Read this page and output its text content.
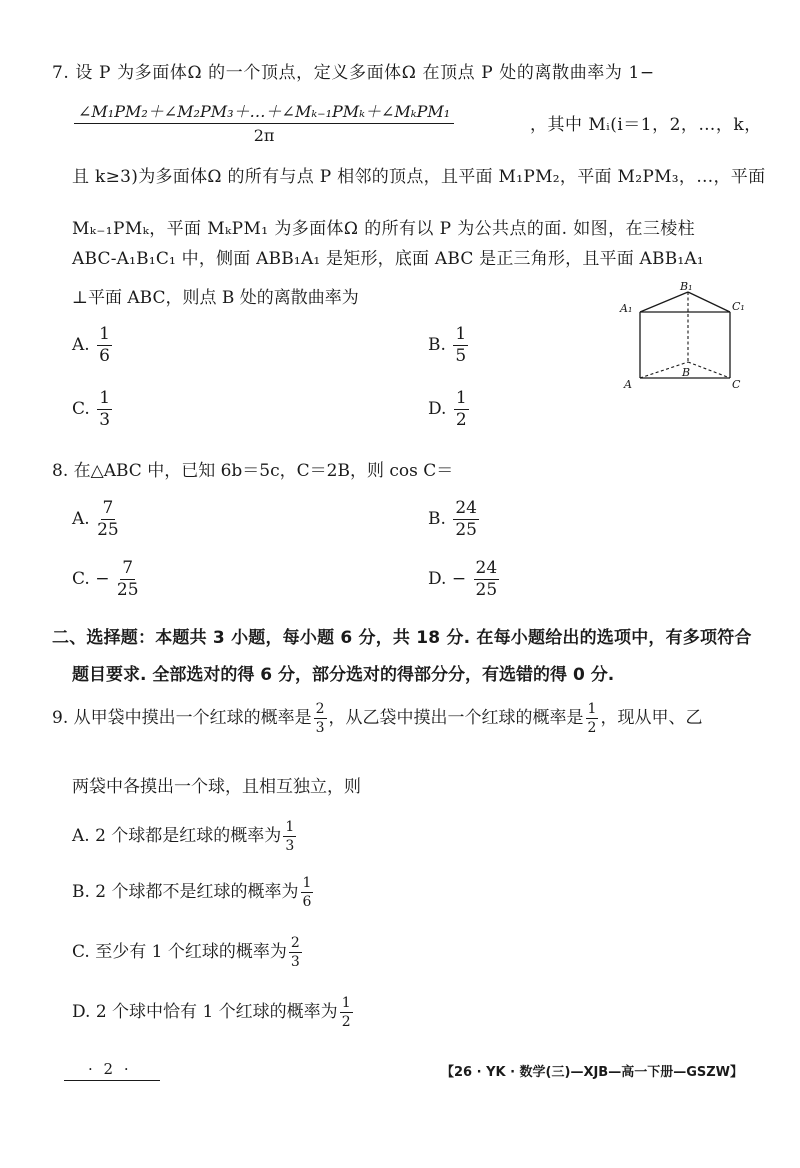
7. 设 P 为多面体Ω 的一个顶点，定义多面体Ω 在顶点 P 处的离散曲率为 1−
$\frac{\text{∠M₁PM₂＋∠M₂PM₃＋…＋∠Mₖ₋₁PMₖ＋∠MₖPM₁}}{2\pi}$	，其中 Mᵢ(i＝1，2，…，k，
且 k≥3)为多面体Ω 的所有与点 P 相邻的顶点，且平面 M₁PM₂，平面 M₂PM₃，…，平面
Mₖ₋₁PMₖ，平面 MₖPM₁ 为多面体Ω 的所有以 P 为公共点的面. 如图，在三棱柱
ABC-A₁B₁C₁ 中，侧面 ABB₁A₁ 是矩形，底面 ABC 是正三角形，且平面 ABB₁A₁
⊥平面 ABC，则点 B 处的离散曲率为
A. $\frac{1}{6}$	B. $\frac{1}{5}$
C. $\frac{1}{3}$	D. $\frac{1}{2}$
A₁
B₁
C₁
A
B
C
8. 在△ABC 中，已知 6b＝5c，C＝2B，则 cos C＝
A. $\frac{7}{25}$	B. $\frac{24}{25}$
C. − $\frac{7}{25}$	D. − $\frac{24}{25}$
二、选择题：本题共 3 小题，每小题 6 分，共 18 分. 在每小题给出的选项中，有多项符合
题目要求. 全部选对的得 6 分，部分选对的得部分分，有选错的得 0 分.
9. 从甲袋中摸出一个红球的概率是 $\frac{2}{3}$ ，从乙袋中摸出一个红球的概率是 $\frac{1}{2}$ ，现从甲、乙
两袋中各摸出一个球，且相互独立，则
A. 2 个球都是红球的概率为 $\frac{1}{3}$
B. 2 个球都不是红球的概率为 $\frac{1}{6}$
C. 至少有 1 个红球的概率为 $\frac{2}{3}$
D. 2 个球中恰有 1 个红球的概率为 $\frac{1}{2}$
· 2 ·	【26 · YK · 数学(三)—XJB—高一下册—GSZW】
